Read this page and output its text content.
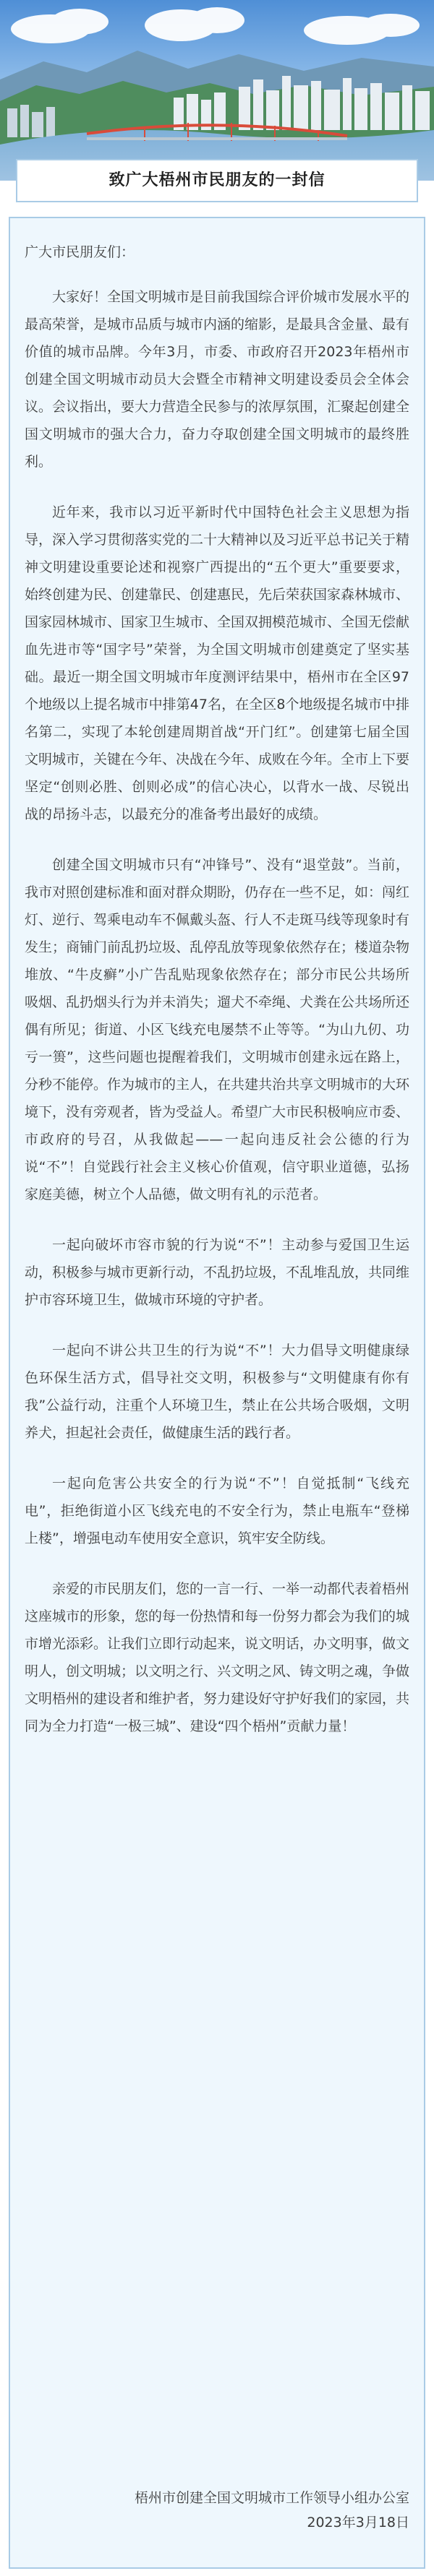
致广大梧州市民朋友的一封信

广大市民朋友们：

大家好！全国文明城市是目前我国综合评价城市发展水平的最高荣誉，是城市品质与城市内涵的缩影，是最具含金量、最有价值的城市品牌。今年3月，市委、市政府召开2023年梧州市创建全国文明城市动员大会暨全市精神文明建设委员会全体会议。会议指出，要大力营造全民参与的浓厚氛围，汇聚起创建全国文明城市的强大合力，奋力夺取创建全国文明城市的最终胜利。

近年来，我市以习近平新时代中国特色社会主义思想为指导，深入学习贯彻落实党的二十大精神以及习近平总书记关于精神文明建设重要论述和视察广西提出的“五个更大”重要要求，始终创建为民、创建靠民、创建惠民，先后荣获国家森林城市、国家园林城市、国家卫生城市、全国双拥模范城市、全国无偿献血先进市等“国字号”荣誉，为全国文明城市创建奠定了坚实基础。最近一期全国文明城市年度测评结果中，梧州市在全区97个地级以上提名城市中排第47名，在全区8个地级提名城市中排名第二，实现了本轮创建周期首战“开门红”。创建第七届全国文明城市，关键在今年、决战在今年、成败在今年。全市上下要坚定“创则必胜、创则必成”的信心决心，以背水一战、尽锐出战的昂扬斗志，以最充分的准备考出最好的成绩。

创建全国文明城市只有“冲锋号”、没有“退堂鼓”。当前，我市对照创建标准和面对群众期盼，仍存在一些不足，如：闯红灯、逆行、驾乘电动车不佩戴头盔、行人不走斑马线等现象时有发生；商铺门前乱扔垃圾、乱停乱放等现象依然存在；楼道杂物堆放、“牛皮癣”小广告乱贴现象依然存在；部分市民公共场所吸烟、乱扔烟头行为并未消失；遛犬不牵绳、犬粪在公共场所还偶有所见；街道、小区飞线充电屡禁不止等等。“为山九仞、功亏一篑”，这些问题也提醒着我们，文明城市创建永远在路上，分秒不能停。作为城市的主人，在共建共治共享文明城市的大环境下，没有旁观者，皆为受益人。希望广大市民积极响应市委、市政府的号召，从我做起——一起向违反社会公德的行为说“不”！自觉践行社会主义核心价值观，信守职业道德，弘扬家庭美德，树立个人品德，做文明有礼的示范者。

一起向破坏市容市貌的行为说“不”！主动参与爱国卫生运动，积极参与城市更新行动，不乱扔垃圾，不乱堆乱放，共同维护市容环境卫生，做城市环境的守护者。

一起向不讲公共卫生的行为说“不”！大力倡导文明健康绿色环保生活方式，倡导社交文明，积极参与“文明健康有你有我”公益行动，注重个人环境卫生，禁止在公共场合吸烟，文明养犬，担起社会责任，做健康生活的践行者。

一起向危害公共安全的行为说“不”！自觉抵制“飞线充电”，拒绝街道小区飞线充电的不安全行为，禁止电瓶车“登梯上楼”，增强电动车使用安全意识，筑牢安全防线。

亲爱的市民朋友们，您的一言一行、一举一动都代表着梧州这座城市的形象，您的每一份热情和每一份努力都会为我们的城市增光添彩。让我们立即行动起来，说文明话，办文明事，做文明人，创文明城；以文明之行、兴文明之风、铸文明之魂，争做文明梧州的建设者和维护者，努力建设好守护好我们的家园，共同为全力打造“一极三城”、建设“四个梧州”贡献力量！

梧州市创建全国文明城市工作领导小组办公室
2023年3月18日
